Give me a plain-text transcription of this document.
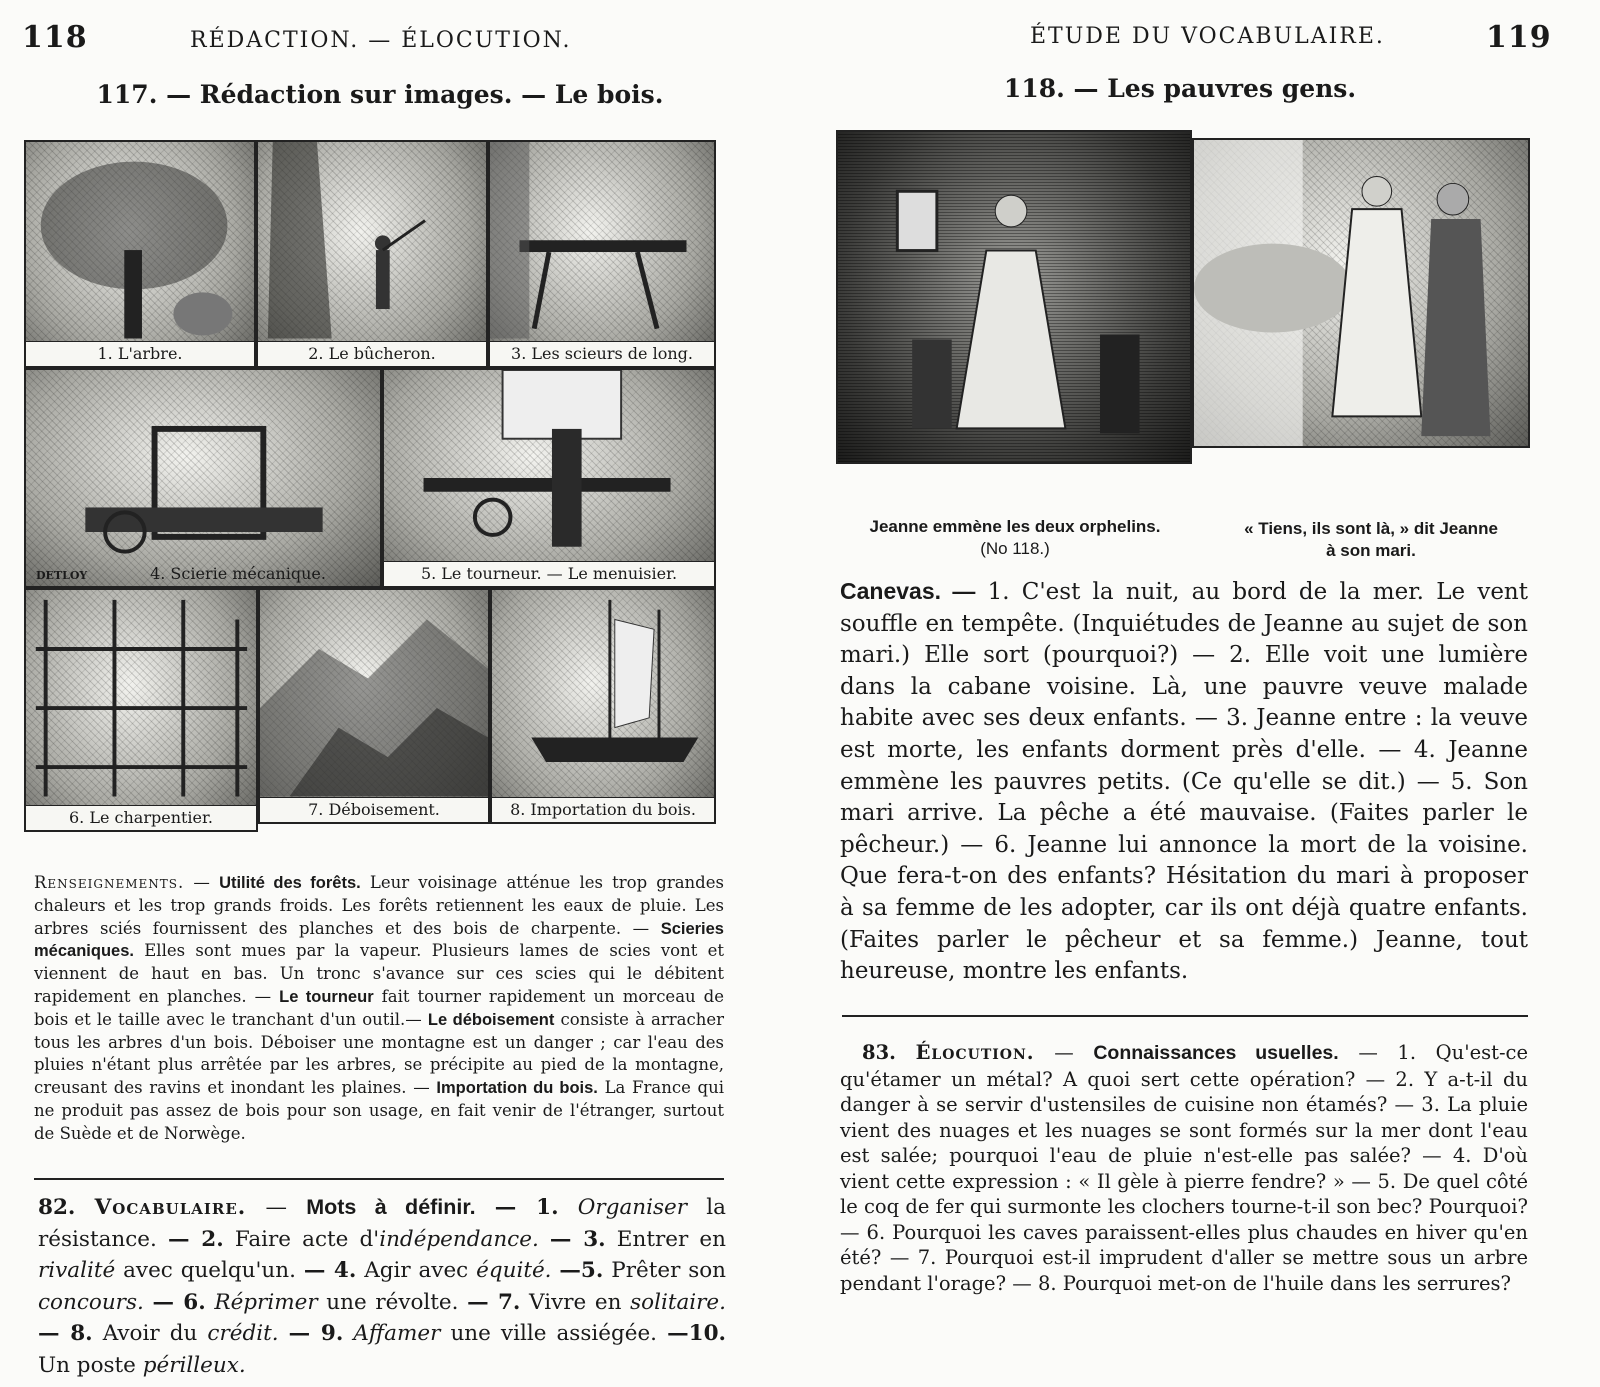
118	RÉDACTION. — ÉLOCUTION.
117. — Rédaction sur images. — Le bois.
1. L'arbre.	2. Le bûcheron.	3. Les scieurs de long.
DETLOY	4. Scierie mécanique.	5. Le tourneur. — Le menuisier.
6. Le charpentier.	7. Déboisement.	8. Importation du bois.
Renseignements. — Utilité des forêts. Leur voisinage atténue les trop grandes chaleurs et les trop grands froids. Les forêts retiennent les eaux de pluie. Les arbres sciés fournissent des planches et des bois de charpente. — Scieries mécaniques. Elles sont mues par la vapeur. Plusieurs lames de scies vont et viennent de haut en bas. Un tronc s'avance sur ces scies qui le débitent rapidement en planches. — Le tourneur fait tourner rapidement un morceau de bois et le taille avec le tranchant d'un outil.— Le déboisement consiste à arracher tous les arbres d'un bois. Déboiser une montagne est un danger ; car l'eau des pluies n'étant plus arrêtée par les arbres, se précipite au pied de la montagne, creusant des ravins et inondant les plaines. — Importation du bois. La France qui ne produit pas assez de bois pour son usage, en fait venir de l'étranger, surtout de Suède et de Norwège.
82. Vocabulaire. — Mots à définir. — 1. Organiser la résistance. — 2. Faire acte d'indépendance. — 3. Entrer en rivalité avec quelqu'un. — 4. Agir avec équité. —5. Prêter son concours. — 6. Réprimer une révolte. — 7. Vivre en solitaire. — 8. Avoir du crédit. — 9. Affamer une ville assiégée. —10. Un poste périlleux.
ÉTUDE DU VOCABULAIRE.	119
118. — Les pauvres gens.
Jeanne emmène les deux orphelins.
(No 118.)
« Tiens, ils sont là, » dit Jeanne
à son mari.
Canevas. — 1. C'est la nuit, au bord de la mer. Le vent souffle en tempête. (Inquiétudes de Jeanne au sujet de son mari.) Elle sort (pourquoi?) — 2. Elle voit une lumière dans la cabane voisine. Là, une pauvre veuve malade habite avec ses deux enfants. — 3. Jeanne entre : la veuve est morte, les enfants dorment près d'elle. — 4. Jeanne emmène les pauvres petits. (Ce qu'elle se dit.) — 5. Son mari arrive. La pêche a été mauvaise. (Faites parler le pêcheur.) — 6. Jeanne lui annonce la mort de la voisine. Que fera-t-on des enfants? Hésitation du mari à proposer à sa femme de les adopter, car ils ont déjà quatre enfants. (Faites parler le pêcheur et sa femme.) Jeanne, tout heureuse, montre les enfants.
83. Élocution. — Connaissances usuelles. — 1. Qu'est-ce qu'étamer un métal? A quoi sert cette opération? — 2. Y a-t-il du danger à se servir d'ustensiles de cuisine non étamés? — 3. La pluie vient des nuages et les nuages se sont formés sur la mer dont l'eau est salée; pourquoi l'eau de pluie n'est-elle pas salée? — 4. D'où vient cette expression : « Il gèle à pierre fendre? » — 5. De quel côté le coq de fer qui surmonte les clochers tourne-t-il son bec? Pourquoi? — 6. Pourquoi les caves paraissent-elles plus chaudes en hiver qu'en été? — 7. Pourquoi est-il imprudent d'aller se mettre sous un arbre pendant l'orage? — 8. Pourquoi met-on de l'huile dans les serrures?
